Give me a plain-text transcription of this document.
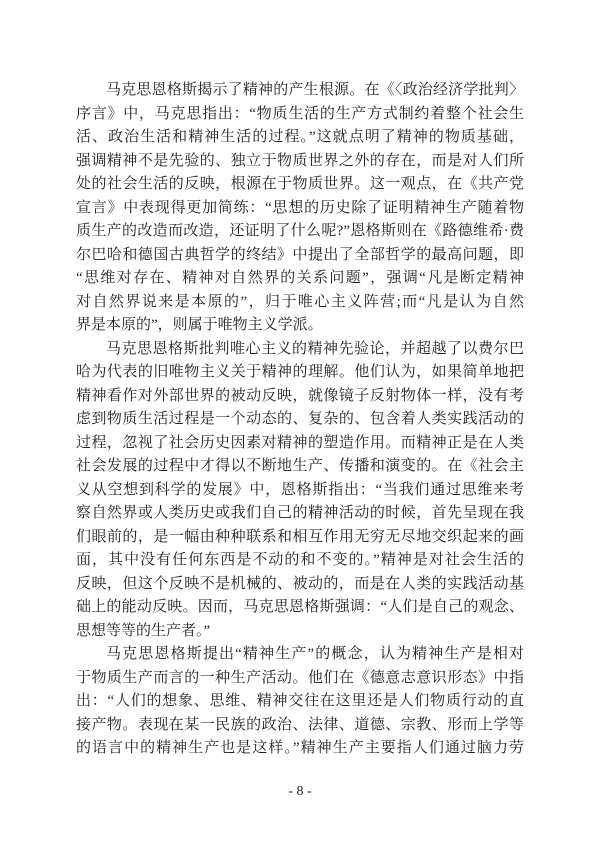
马克思恩格斯揭示了精神的产生根源。在《〈政治经济学批判〉
序言》中，马克思指出：“物质生活的生产方式制约着整个社会生
活、政治生活和精神生活的过程。”这就点明了精神的物质基础，
强调精神不是先验的、独立于物质世界之外的存在，而是对人们所
处的社会生活的反映，根源在于物质世界。这一观点，在《共产党
宣言》中表现得更加简练：“思想的历史除了证明精神生产随着物
质生产的改造而改造，还证明了什么呢?”恩格斯则在《路德维希·费
尔巴哈和德国古典哲学的终结》中提出了全部哲学的最高问题，即
“思维对存在、精神对自然界的关系问题”，强调“凡是断定精神
对自然界说来是本原的”，归于唯心主义阵营;而“凡是认为自然
界是本原的”，则属于唯物主义学派。
马克思恩格斯批判唯心主义的精神先验论，并超越了以费尔巴
哈为代表的旧唯物主义关于精神的理解。他们认为，如果简单地把
精神看作对外部世界的被动反映，就像镜子反射物体一样，没有考
虑到物质生活过程是一个动态的、复杂的、包含着人类实践活动的
过程，忽视了社会历史因素对精神的塑造作用。而精神正是在人类
社会发展的过程中才得以不断地生产、传播和演变的。在《社会主
义从空想到科学的发展》中，恩格斯指出：“当我们通过思维来考
察自然界或人类历史或我们自己的精神活动的时候，首先呈现在我
们眼前的，是一幅由种种联系和相互作用无穷无尽地交织起来的画
面，其中没有任何东西是不动的和不变的。”精神是对社会生活的
反映，但这个反映不是机械的、被动的，而是在人类的实践活动基
础上的能动反映。因而，马克思恩格斯强调：“人们是自己的观念、
思想等等的生产者。”
马克思恩格斯提出“精神生产”的概念，认为精神生产是相对
于物质生产而言的一种生产活动。他们在《德意志意识形态》中指
出：“人们的想象、思维、精神交往在这里还是人们物质行动的直
接产物。表现在某一民族的政治、法律、道德、宗教、形而上学等
的语言中的精神生产也是这样。”精神生产主要指人们通过脑力劳
- 8 -
